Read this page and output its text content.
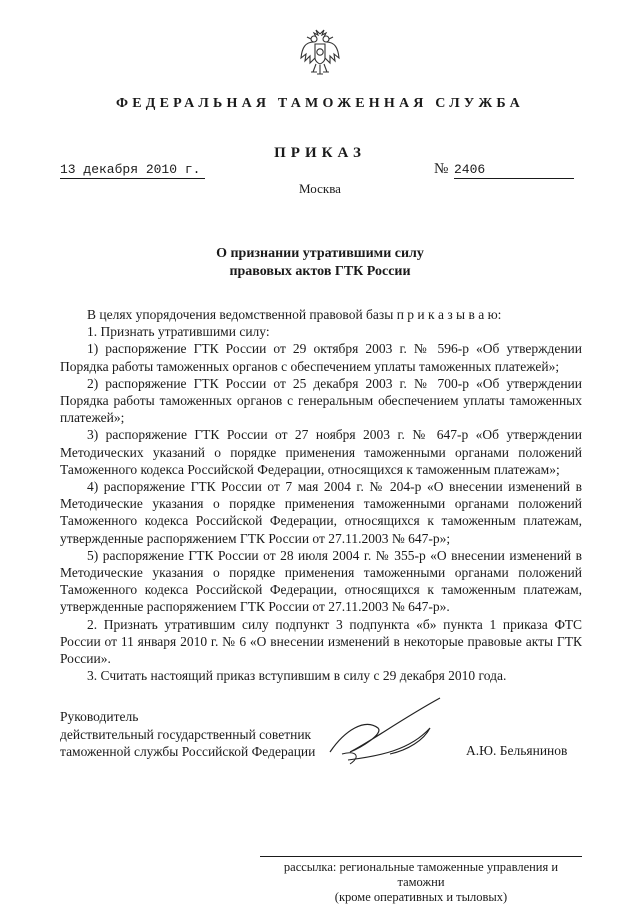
ФЕДЕРАЛЬНАЯ ТАМОЖЕННАЯ СЛУЖБА
ПРИКАЗ
13 декабря 2010 г.	№ 2406
Москва
О признании утратившими силу
правовых актов ГТК России

В целях упорядочения ведомственной правовой базы п р и к а з ы в а ю:

1. Признать утратившими силу:

1) распоряжение ГТК России от 29 октября 2003 г. № 596-р «Об утверждении Порядка работы таможенных органов с обеспечением уплаты таможенных платежей»;

2) распоряжение ГТК России от 25 декабря 2003 г. № 700-р «Об утверждении Порядка работы таможенных органов с генеральным обеспечением уплаты таможенных платежей»;

3) распоряжение ГТК России от 27 ноября 2003 г. № 647-р «Об утверждении Методических указаний о порядке применения таможенными органами положений Таможенного кодекса Российской Федерации, относящихся к таможенным платежам»;

4) распоряжение ГТК России от 7 мая 2004 г. № 204-р «О внесении изменений в Методические указания о порядке применения таможенными органами положений Таможенного кодекса Российской Федерации, относящихся к таможенным платежам, утвержденные распоряжением ГТК России от 27.11.2003 № 647-р»;

5) распоряжение ГТК России от 28 июля 2004 г. № 355-р «О внесении изменений в Методические указания о порядке применения таможенными органами положений Таможенного кодекса Российской Федерации, относящихся к таможенным платежам, утвержденные распоряжением ГТК России от 27.11.2003 № 647-р».

2. Признать утратившим силу подпункт 3 подпункта «б» пункта 1 приказа ФТС России от 11 января 2010 г. № 6 «О внесении изменений в некоторые правовые акты ГТК России».

3. Считать настоящий приказ вступившим в силу с 29 декабря 2010 года.

Руководитель
действительный государственный советник
таможенной службы Российской Федерации	А.Ю. Бельянинов
рассылка: региональные таможенные управления и таможни
(кроме оперативных и тыловых)
